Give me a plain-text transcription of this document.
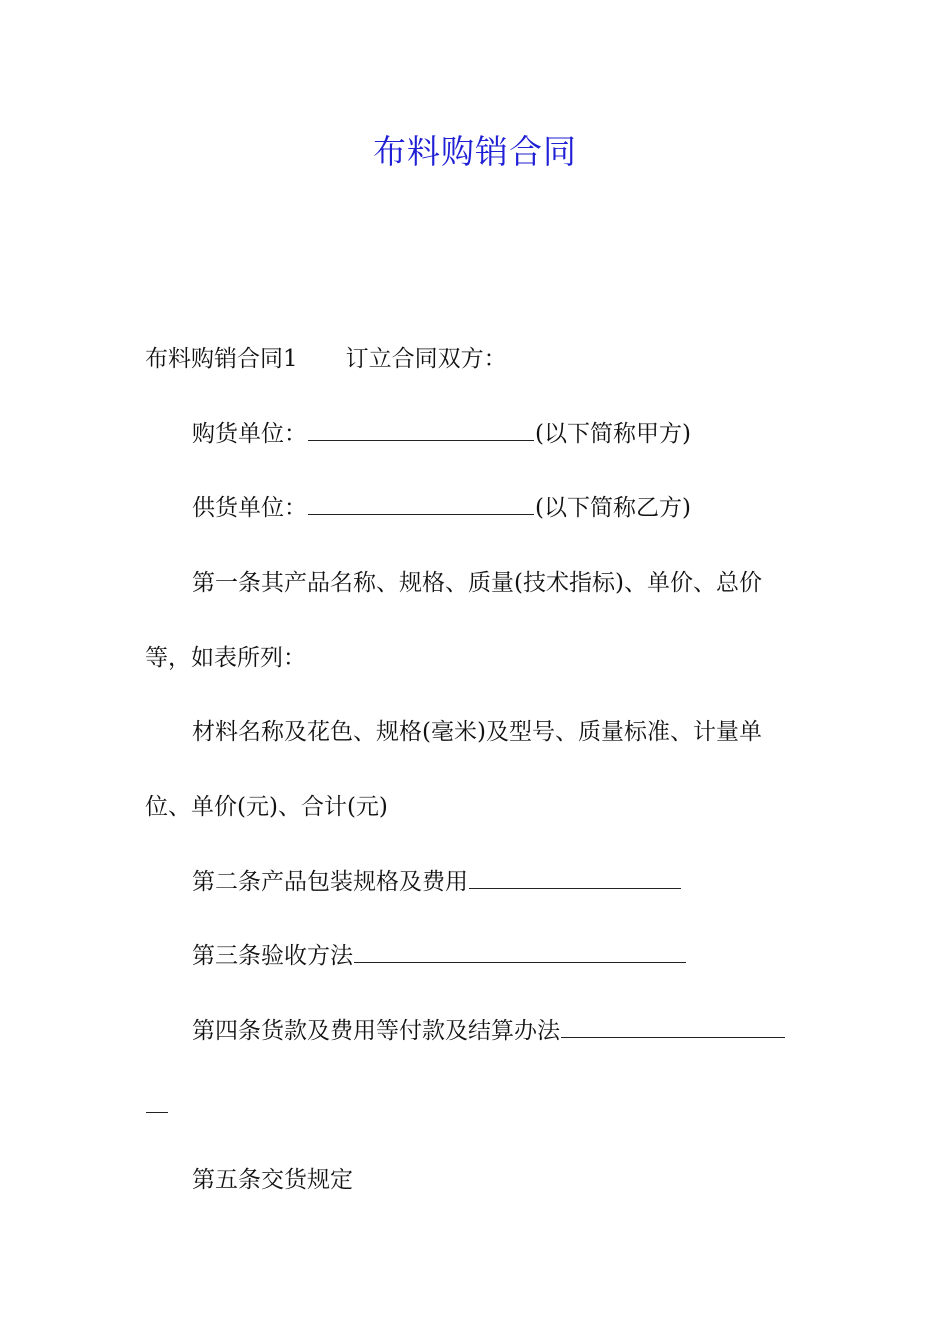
布料购销合同
布料购销合同1 订立合同双方：
购货单位：	(以下简称甲方)
供货单位：	(以下简称乙方)
第一条其产品名称、规格、质量(技术指标)、单价、总价
等，如表所列：
材料名称及花色、规格(毫米)及型号、质量标准、计量单
位、单价(元)、合计(元)
第二条产品包装规格及费用
第三条验收方法
第四条货款及费用等付款及结算办法
第五条交货规定
